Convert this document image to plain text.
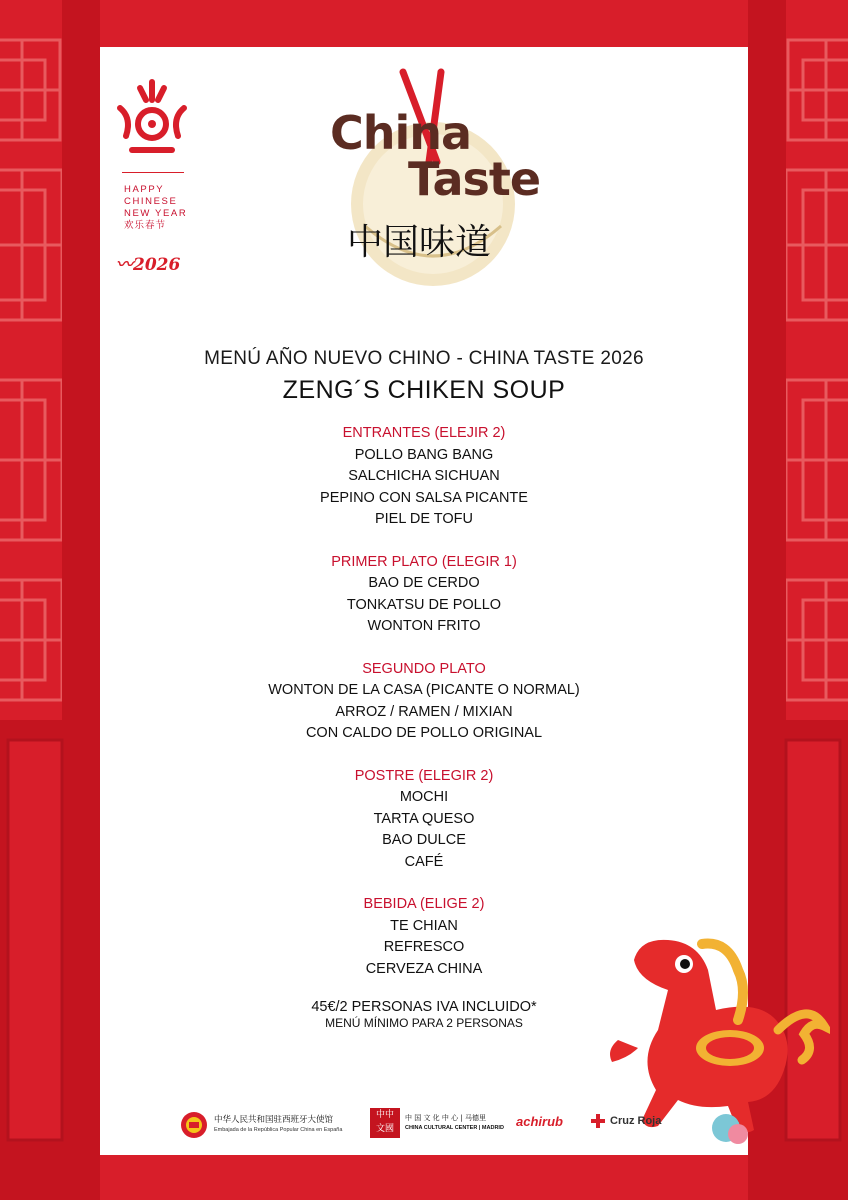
HAPPY
CHINESE
NEW YEAR
欢乐春节
〰2026
China
Taste
中国味道
MENÚ AÑO NUEVO CHINO - CHINA TASTE 2026
ZENG´S CHIKEN SOUP
ENTRANTES (ELEJIR 2)
POLLO BANG BANG
SALCHICHA SICHUAN
PEPINO CON SALSA PICANTE
PIEL DE TOFU
PRIMER PLATO (ELEGIR 1)
BAO DE CERDO
TONKATSU DE POLLO
WONTON FRITO
SEGUNDO PLATO
WONTON DE LA CASA (PICANTE O NORMAL)
ARROZ / RAMEN / MIXIAN
CON CALDO DE POLLO ORIGINAL
POSTRE (ELEGIR 2)
MOCHI
TARTA QUESO
BAO DULCE
CAFÉ
BEBIDA (ELIGE 2)
TE CHIAN
REFRESCO
CERVEZA CHINA
45€/2 PERSONAS IVA INCLUIDO*
MENÚ MÍNIMO PARA 2 PERSONAS
中华人民共和国驻西班牙大使馆
Embajada de la República Popular China en España
中中
文國
中 国 文 化 中 心 | 马德里
CHINA CULTURAL CENTER | MADRID achirub	Cruz Roja
